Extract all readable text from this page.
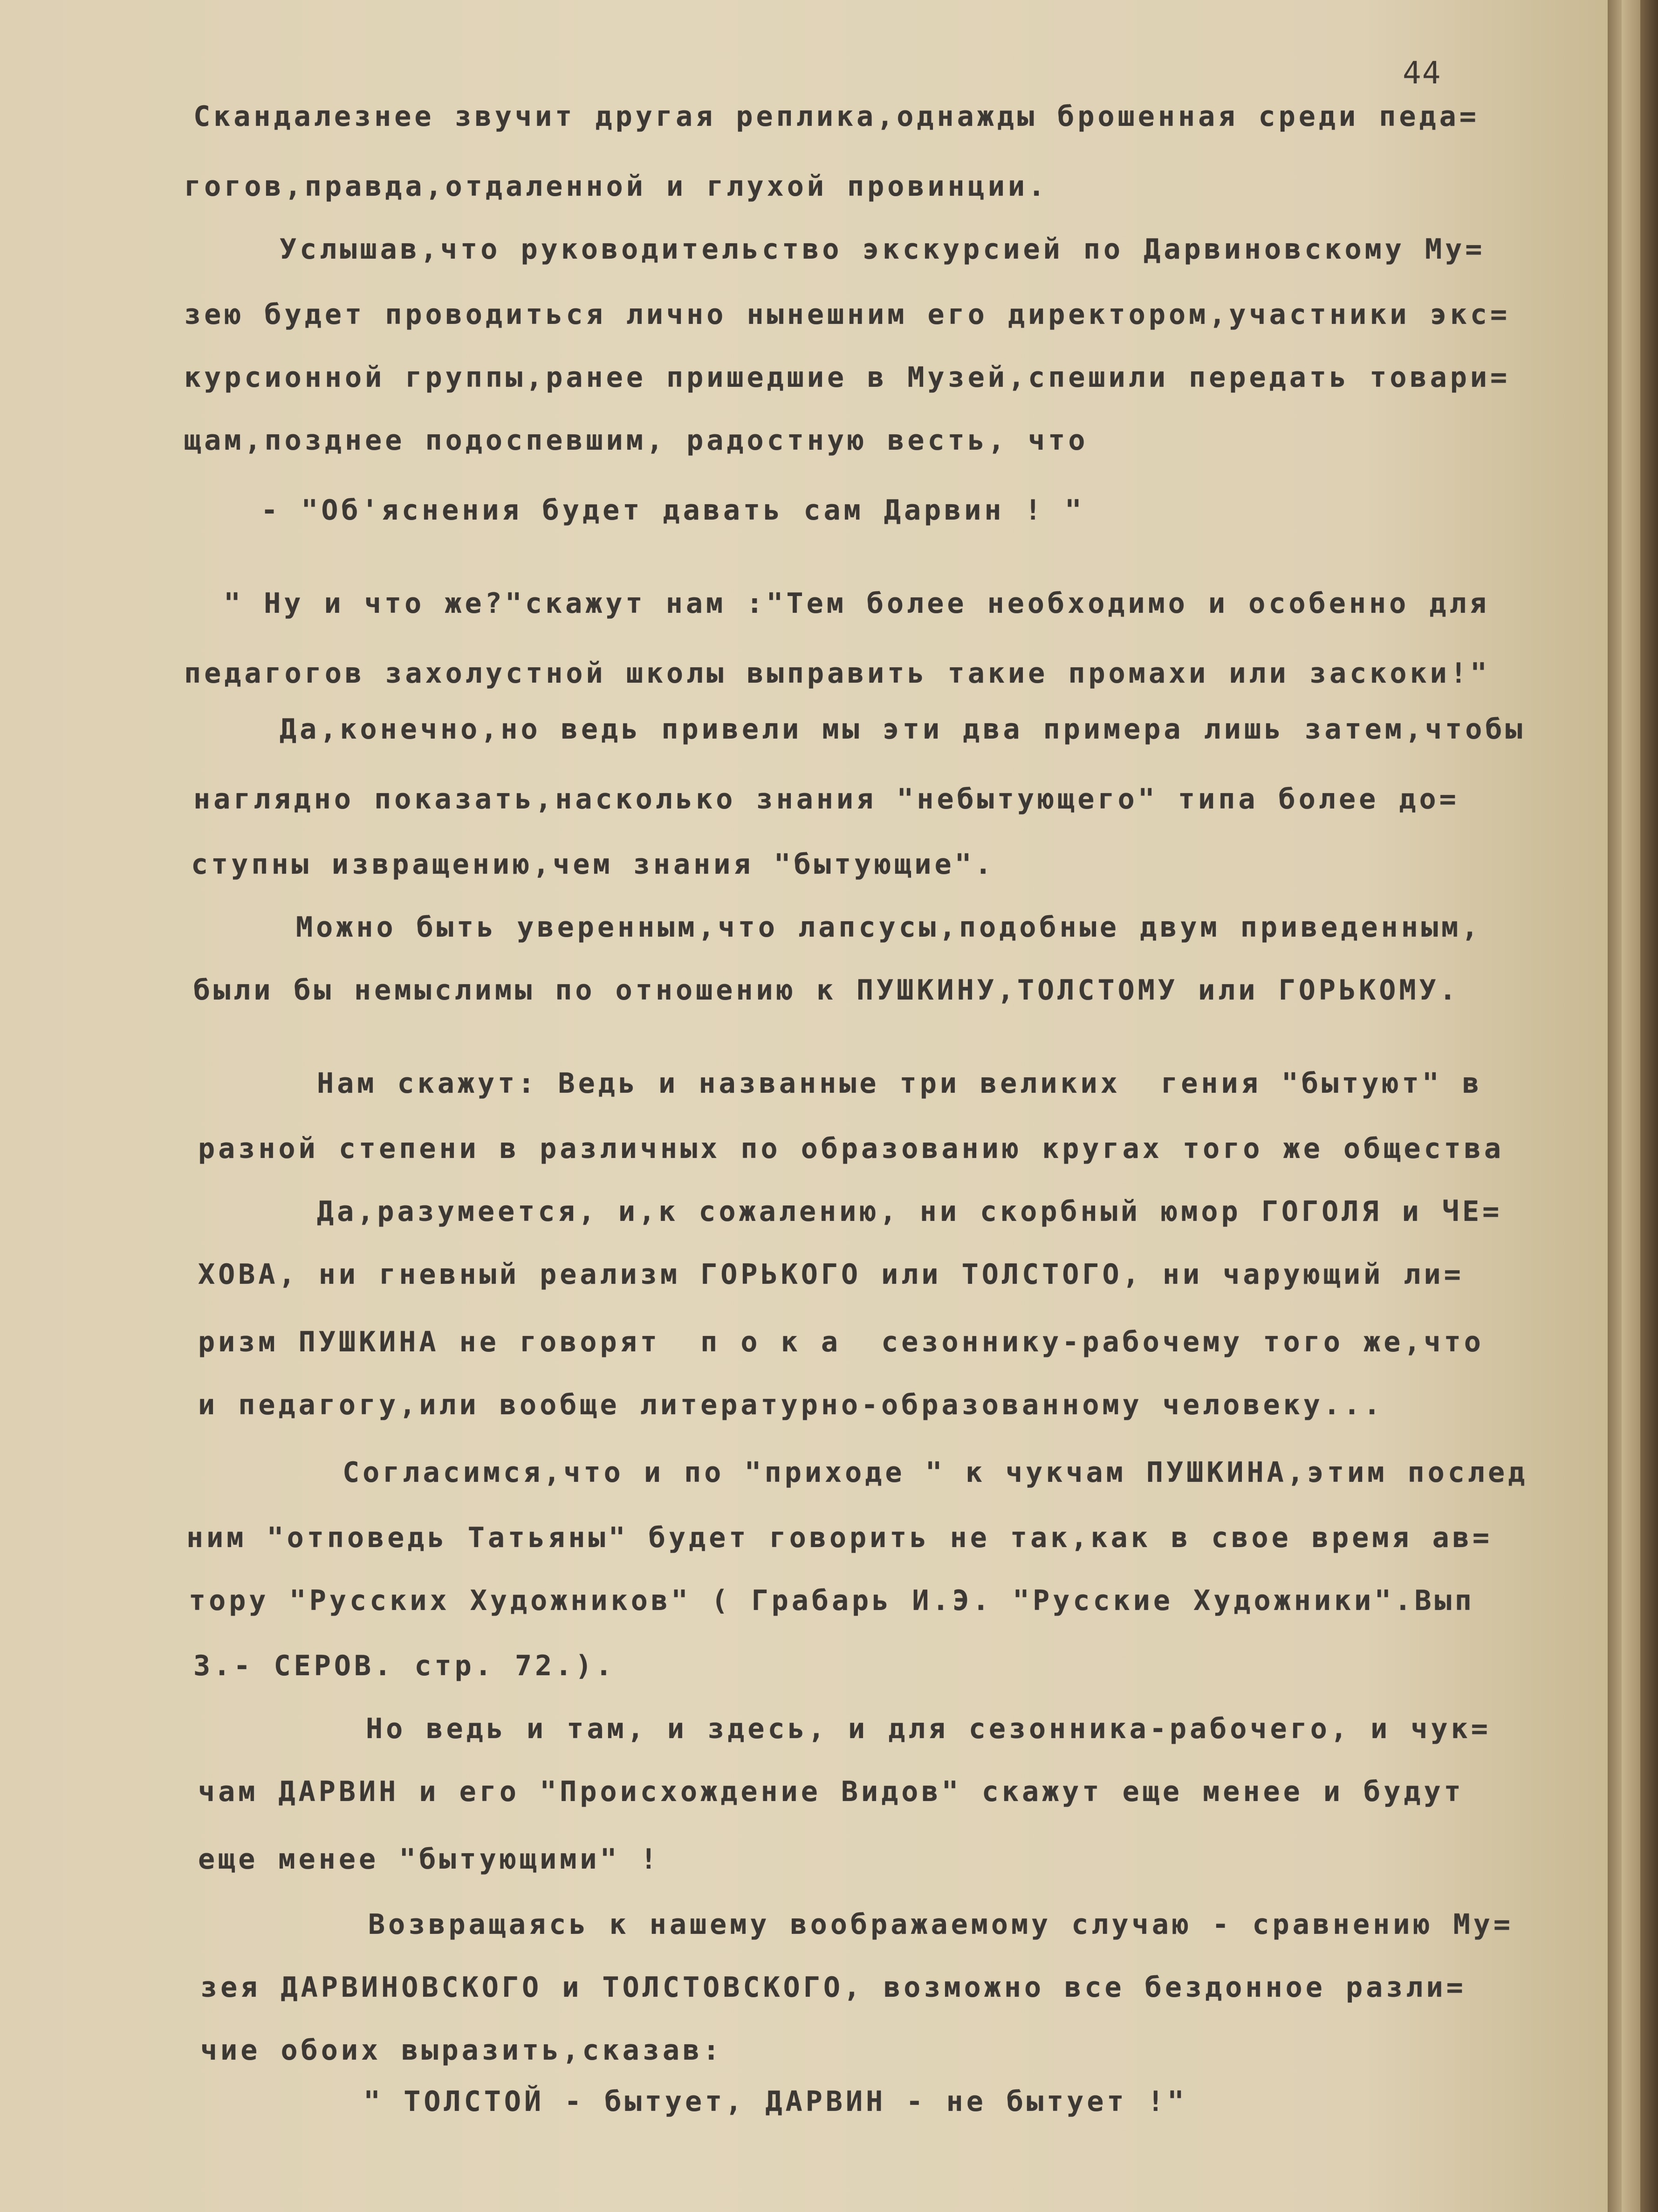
44
Скандалезнее звучит другая реплика,однажды брошенная среди педа=
гогов,правда,отдаленной и глухой провинции.
Услышав,что руководительство экскурсией по Дарвиновскому Му=
зею будет проводиться лично нынешним его директором,участники экс=
курсионной группы,ранее пришедшие в Музей,спешили передать товари=
щам,позднее подоспевшим, радостную весть, что
- "Об'яснения будет давать сам Дарвин ! "
" Ну и что же?"скажут нам :"Тем более необходимо и особенно для
педагогов захолустной школы выправить такие промахи или заскоки!"
Да,конечно,но ведь привели мы эти два примера лишь затем,чтобы
наглядно показать,насколько знания "небытующего" типа более до=
ступны извращению,чем знания "бытующие".
Можно быть уверенным,что лапсусы,подобные двум приведенным,
были бы немыслимы по отношению к ПУШКИНУ,ТОЛСТОМУ или ГОРЬКОМУ.
Нам скажут: Ведь и названные три великих  гения "бытуют" в
разной степени в различных по образованию кругах того же общества
Да,разумеется, и,к сожалению, ни скорбный юмор ГОГОЛЯ и ЧЕ=
ХОВА, ни гневный реализм ГОРЬКОГО или ТОЛСТОГО, ни чарующий ли=
ризм ПУШКИНА не говорят  п о к а  сезоннику-рабочему того же,что
и педагогу,или вообще литературно-образованному человеку...
Согласимся,что и по "приходе " к чукчам ПУШКИНА,этим послед
ним "отповедь Татьяны" будет говорить не так,как в свое время ав=
тору "Русских Художников" ( Грабарь И.Э. "Русские Художники".Вып
3.- СЕРОВ. стр. 72.).
Но ведь и там, и здесь, и для сезонника-рабочего, и чук=
чам ДАРВИН и его "Происхождение Видов" скажут еще менее и будут
еще менее "бытующими" !
Возвращаясь к нашему воображаемому случаю - сравнению Му=
зея ДАРВИНОВСКОГО и ТОЛСТОВСКОГО, возможно все бездонное разли=
чие обоих выразить,сказав:
" ТОЛСТОЙ - бытует, ДАРВИН - не бытует !"
